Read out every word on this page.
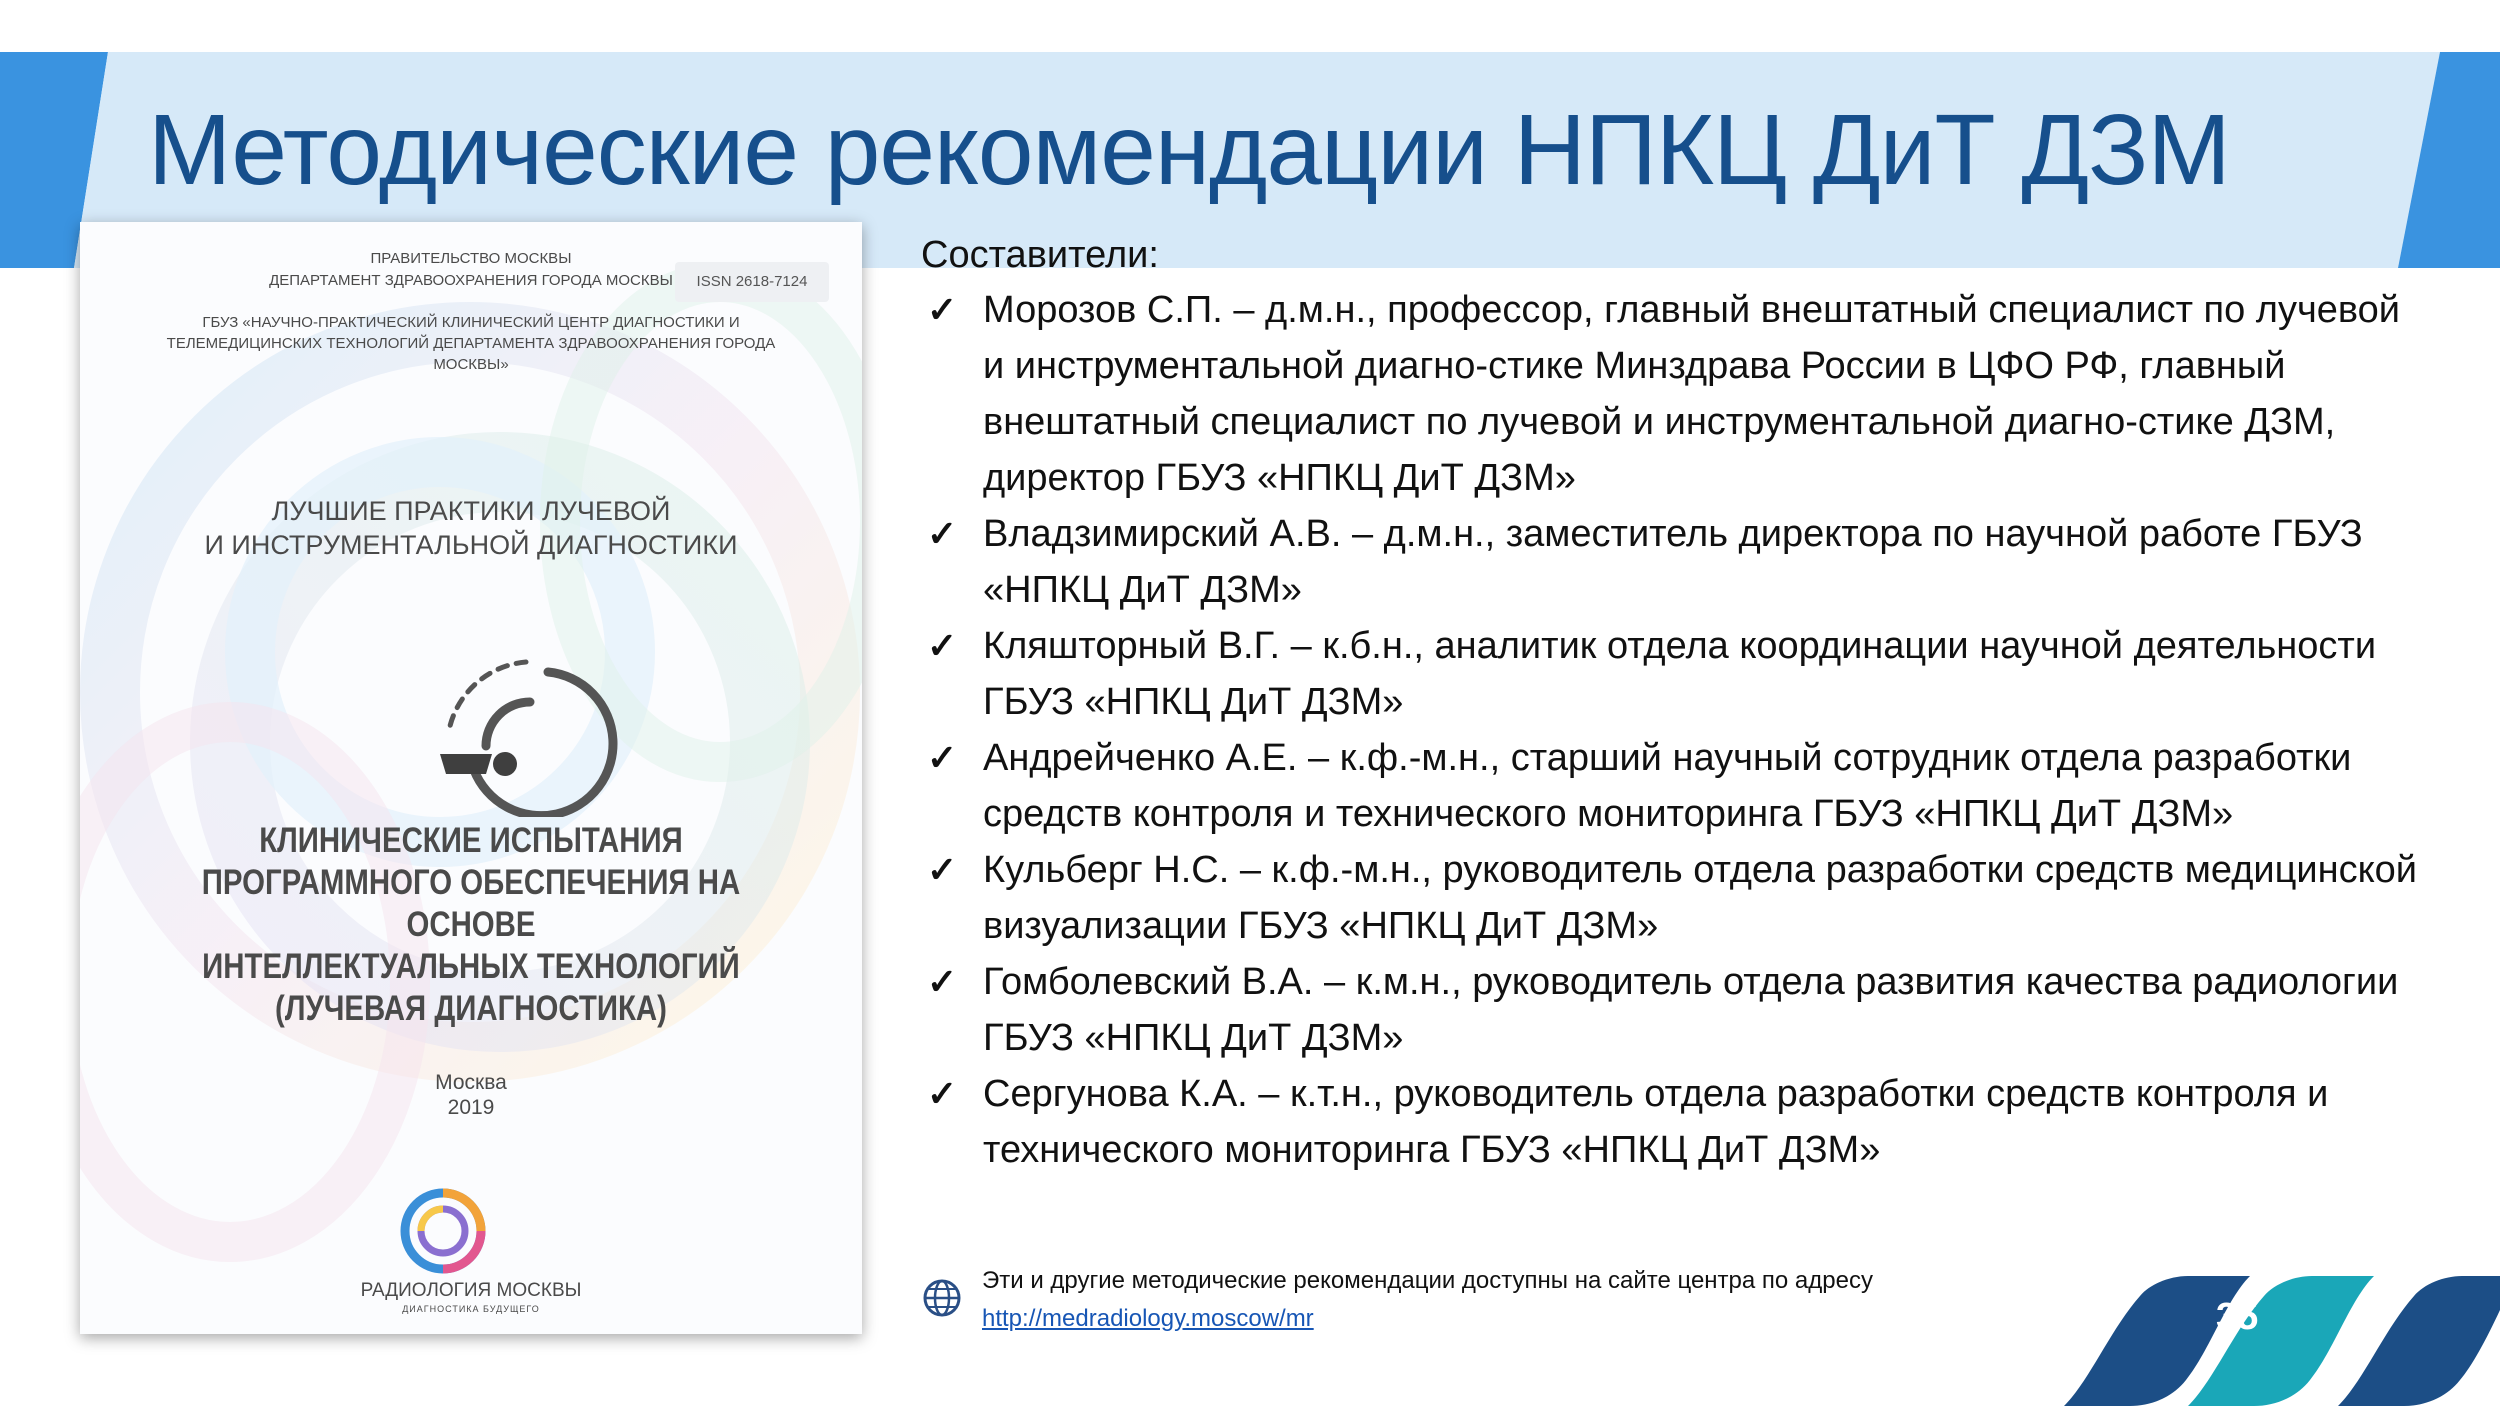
Методические рекомендации НПКЦ ДиТ ДЗМ
ПРАВИТЕЛЬСТВО МОСКВЫ
ДЕПАРТАМЕНТ ЗДРАВООХРАНЕНИЯ ГОРОДА МОСКВЫ	ISSN 2618-7124
ГБУЗ «НАУЧНО-ПРАКТИЧЕСКИЙ КЛИНИЧЕСКИЙ ЦЕНТР ДИАГНОСТИКИ И ТЕЛЕМЕДИЦИНСКИХ ТЕХНОЛОГИЙ ДЕПАРТАМЕНТА ЗДРАВООХРАНЕНИЯ ГОРОДА МОСКВЫ»
ЛУЧШИЕ ПРАКТИКИ ЛУЧЕВОЙ
И ИНСТРУМЕНТАЛЬНОЙ ДИАГНОСТИКИ
КЛИНИЧЕСКИЕ ИСПЫТАНИЯ
ПРОГРАММНОГО ОБЕСПЕЧЕНИЯ НА ОСНОВЕ
ИНТЕЛЛЕКТУАЛЬНЫХ ТЕХНОЛОГИЙ
(ЛУЧЕВАЯ ДИАГНОСТИКА)
Москва
2019
РАДИОЛОГИЯ МОСКВЫ
ДИАГНОСТИКА БУДУЩЕГО
Составители:
✓ Морозов С.П. – д.м.н., профессор, главный внештатный специалист по лучевой и инструментальной диагно-стике Минздрава России в ЦФО РФ, главный внештатный специалист по лучевой и инструментальной диагно-стике ДЗМ, директор ГБУЗ «НПКЦ ДиТ ДЗМ»
✓ Владзимирский А.В. – д.м.н., заместитель директора по научной работе ГБУЗ «НПКЦ ДиТ ДЗМ»
✓ Кляшторный В.Г. – к.б.н., аналитик отдела координации научной деятельности ГБУЗ «НПКЦ ДиТ ДЗМ»
✓ Андрейченко А.Е. – к.ф.-м.н., старший научный сотрудник отдела разработки средств контроля и технического мониторинга ГБУЗ «НПКЦ ДиТ ДЗМ»
✓ Кульберг Н.С. – к.ф.-м.н., руководитель отдела разработки средств медицинской визуализации ГБУЗ «НПКЦ ДиТ ДЗМ»
✓ Гомболевский В.А. – к.м.н., руководитель отдела развития качества радиологии ГБУЗ «НПКЦ ДиТ ДЗМ»
✓ Сергунова К.А. – к.т.н., руководитель отдела разработки средств контроля и технического мониторинга ГБУЗ «НПКЦ ДиТ ДЗМ»
Эти и другие методические рекомендации доступны на сайте центра по адресу
http://medradiology.moscow/mr	35
